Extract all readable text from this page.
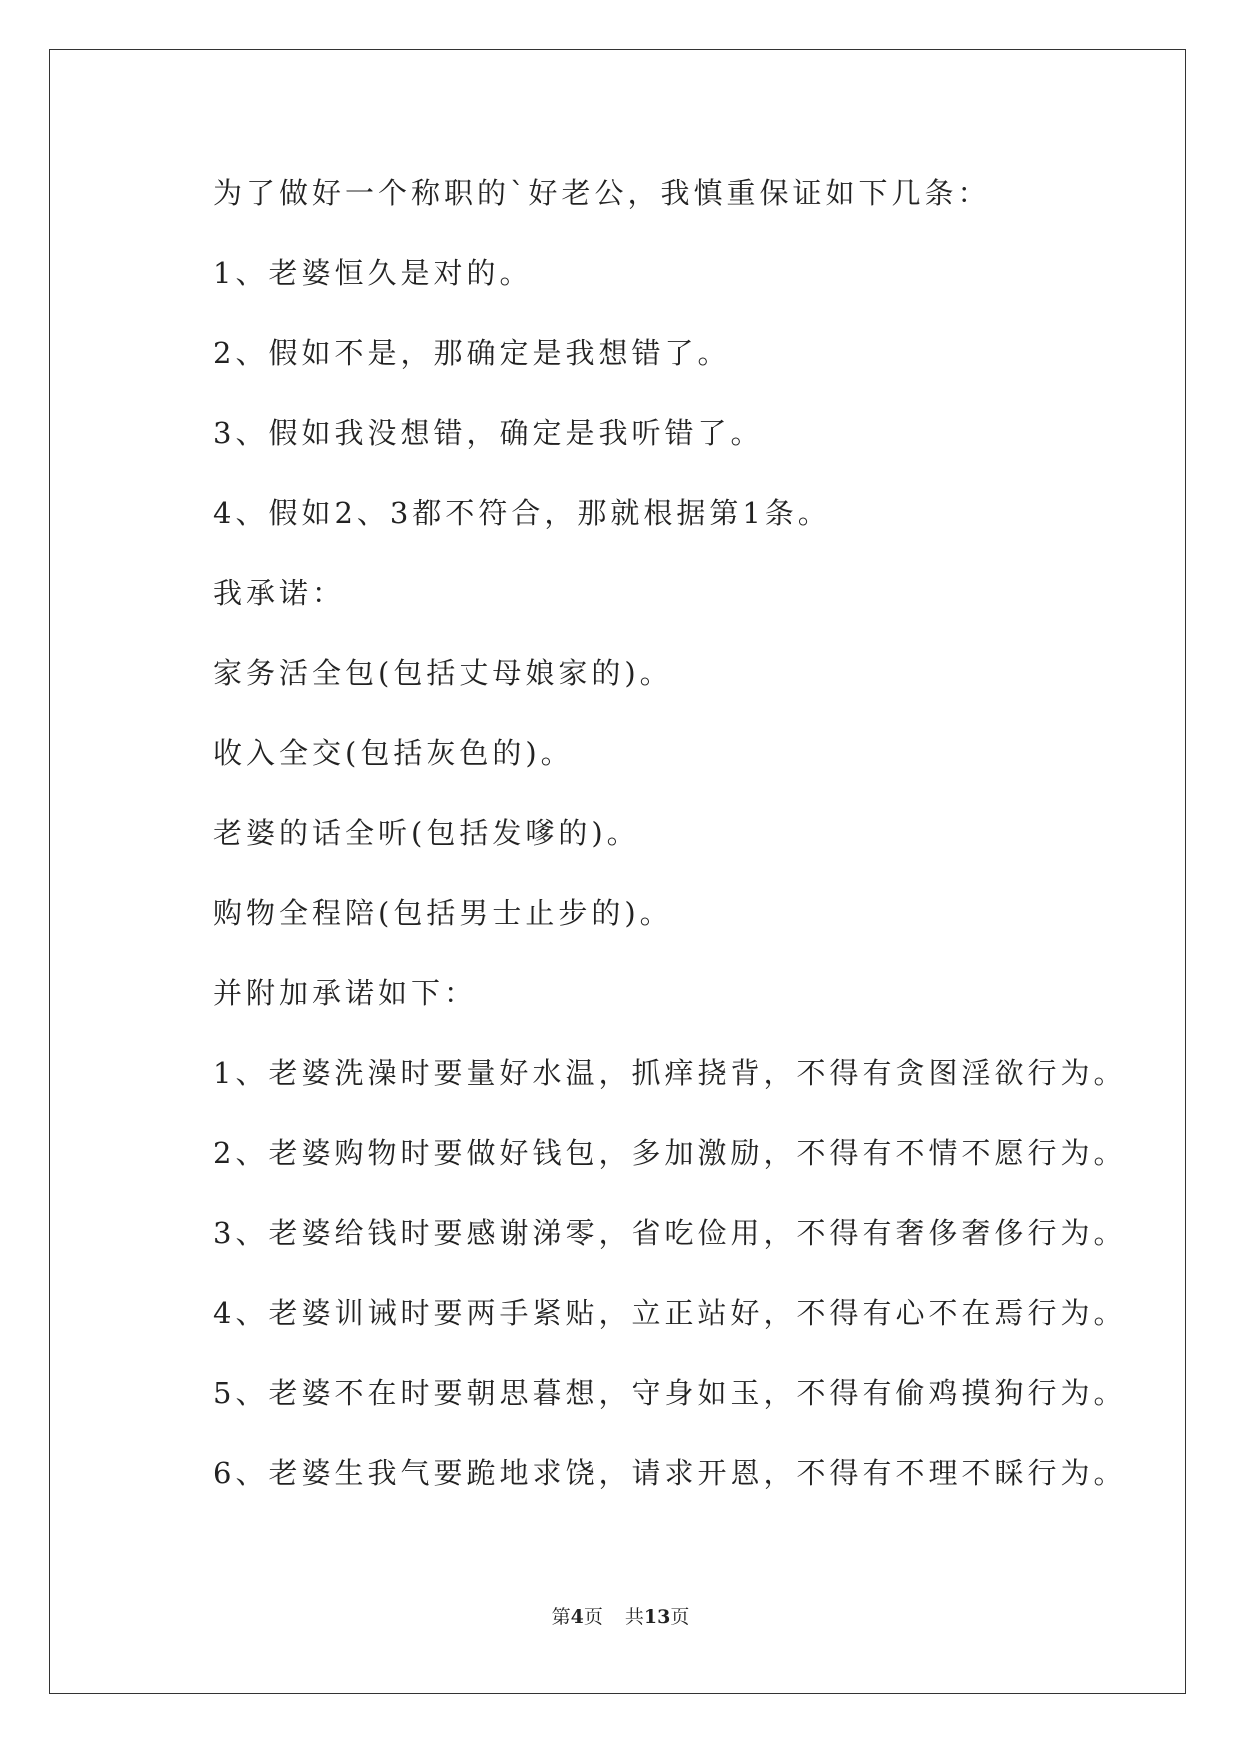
为了做好一个称职的`好老公，我慎重保证如下几条：
1、老婆恒久是对的。
2、假如不是，那确定是我想错了。
3、假如我没想错，确定是我听错了。
4、假如2、3都不符合，那就根据第1条。
我承诺：
家务活全包(包括丈母娘家的)。
收入全交(包括灰色的)。
老婆的话全听(包括发嗲的)。
购物全程陪(包括男士止步的)。
并附加承诺如下：
1、老婆洗澡时要量好水温，抓痒挠背，不得有贪图淫欲行为。
2、老婆购物时要做好钱包，多加激励，不得有不情不愿行为。
3、老婆给钱时要感谢涕零，省吃俭用，不得有奢侈奢侈行为。
4、老婆训诫时要两手紧贴，立正站好，不得有心不在焉行为。
5、老婆不在时要朝思暮想，守身如玉，不得有偷鸡摸狗行为。
6、老婆生我气要跪地求饶，请求开恩，不得有不理不睬行为。
第4页 共13页
